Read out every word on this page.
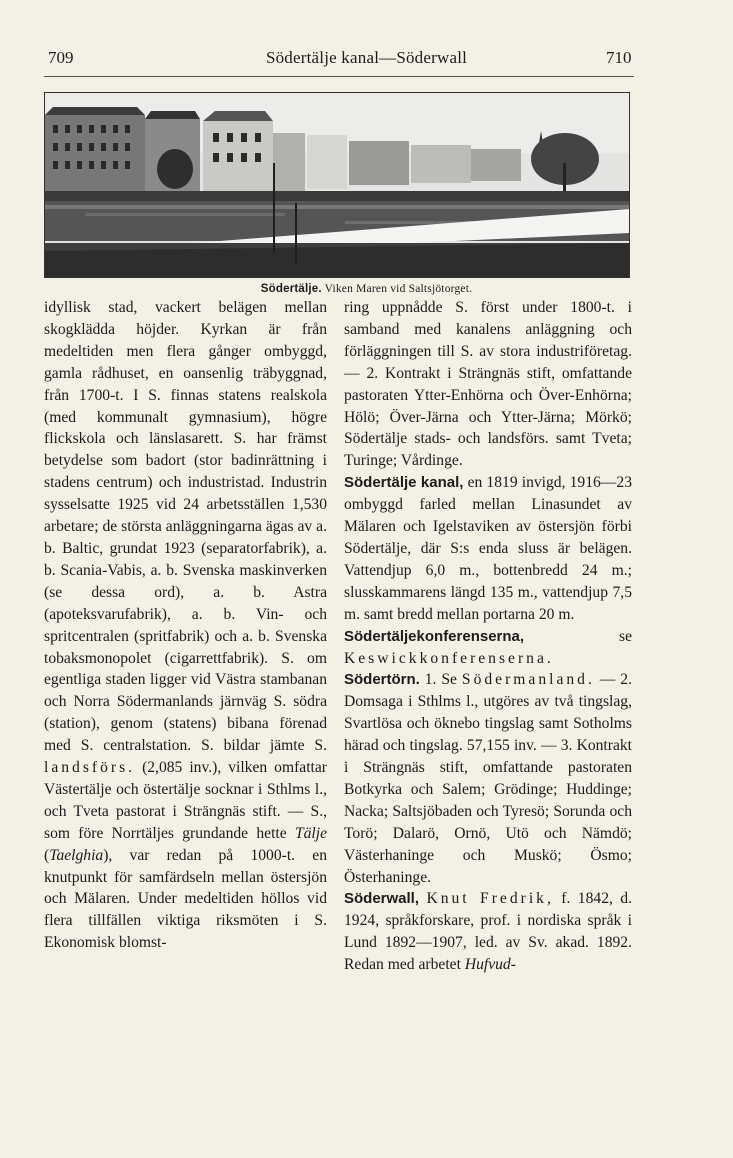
709	Södertälje kanal—Söderwall	710
Södertälje. Viken Maren vid Saltsjötorget.

idyllisk stad, vackert belägen mellan skogklädda höjder. Kyrkan är från medeltiden men flera gånger ombyggd, gamla rådhuset, en oansenlig träbyggnad, från 1700-t. I S. finnas statens realskola (med kommunalt gymnasium), högre flickskola och länslasarett. S. har främst betydelse som badort (stor badinrättning i stadens centrum) och industristad. Industrin sysselsatte 1925 vid 24 arbetsställen 1,530 arbetare; de största anläggningarna ägas av a. b. Baltic, grundat 1923 (separatorfabrik), a. b. Scania-Vabis, a. b. Svenska maskinverken (se dessa ord), a. b. Astra (apoteksvarufabrik), a. b. Vin- och spritcentralen (spritfabrik) och a. b. Svenska tobaksmonopolet (cigarrettfabrik). S. om egentliga staden ligger vid Västra stambanan och Norra Södermanlands järnväg S. södra (station), genom (statens) bibana förenad med S. centralstation. S. bildar jämte S. landsförs. (2,085 inv.), vilken omfattar Västertälje och östertälje socknar i Sthlms l., och Tveta pastorat i Strängnäs stift. — S., som före Norrtäljes grundande hette Tälje (Taelghia), var redan på 1000-t. en knutpunkt för samfärdseln mellan östersjön och Mälaren. Under medeltiden höllos vid flera tillfällen viktiga riksmöten i S. Ekonomisk blomst-

ring uppnådde S. först under 1800-t. i samband med kanalens anläggning och förläggningen till S. av stora industriföretag. — 2. Kontrakt i Strängnäs stift, omfattande pastoraten Ytter-Enhörna och Över-Enhörna; Hölö; Över-Järna och Ytter-Järna; Mörkö; Södertälje stads- och landsförs. samt Tveta; Turinge; Vårdinge.

Södertälje kanal, en 1819 invigd, 1916—23 ombyggd farled mellan Linasundet av Mälaren och Igelstaviken av östersjön förbi Södertälje, där S:s enda sluss är belägen. Vattendjup 6,0 m., bottenbredd 24 m.; slusskammarens längd 135 m., vattendjup 7,5 m. samt bredd mellan portarna 20 m.

Södertäljekonferenserna, se Keswickkonferenserna.

Södertörn. 1. Se Södermanland. — 2. Domsaga i Sthlms l., utgöres av två tingslag, Svartlösa och öknebo tingslag samt Sotholms härad och tingslag. 57,155 inv. — 3. Kontrakt i Strängnäs stift, omfattande pastoraten Botkyrka och Salem; Grödinge; Huddinge; Nacka; Saltsjöbaden och Tyresö; Sorunda och Torö; Dalarö, Ornö, Utö och Nämdö; Västerhaninge och Muskö; Ösmo; Österhaninge.

Söderwall, Knut Fredrik, f. 1842, d. 1924, språkforskare, prof. i nordiska språk i Lund 1892—1907, led. av Sv. akad. 1892. Redan med arbetet Hufvud-
